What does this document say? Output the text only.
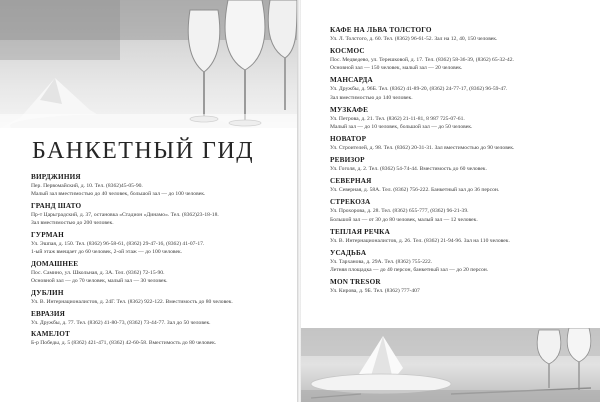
БАНКЕТНЫЙ ГИД
ВИРДЖИНИЯ
Пер. Первомайский, д. 10. Тел. (8362)45-05-90.
Малый зал вместимостью до 40 человек, большой зал — до 100 человек.
ГРАНД ШАТО
Пр-т Царьградский, д. 37, остановка «Стадион «Динамо». Тел. (8362)23-18-18.
Зал вместимостью до 200 человек.
ГУРМАН
Ул. Эшпая, д. 150. Тел. (8362) 96-58-61, (8362) 29-47-16, (8362) 41-07-17.
1-ый этаж вмещает до 60 человек, 2-ой этаж — до 100 человек.
ДОМАШНЕЕ
Пос. Самино, ул. Школьная, д. 3А. Тел. (8362) 72-15-90.
Основной зал — до 70 человек, малый зал — 30 человек.
ДУБЛИН
Ул. В. Интернационалистов, д. 24Г. Тел. (8362) 922-122. Вместимость до 80 человек.
ЕВРАЗИЯ
Ул. Дружбы, д. 77. Тел. (8362) 41-80-73, (8362) 73-44-77. Зал до 50 человек.
КАМЕЛОТ
Б-р Победы, д. 5 (8362) 421-471, (8362) 42-60-58. Вместимость до 80 человек.
КАФЕ НА ЛЬВА ТОЛСТОГО
Ул. Л. Толстого, д. 60. Тел. (8362) 96-61-52. Зал на 12, 40, 150 человек.
КОСМОС
Пос. Медведево, ул. Терешковой, д. 17. Тел. (8362) 58-36-39, (8362) 65-32-42.
Основной зал — 150 человек, малый зал — 20 человек.
МАНСАРДА
Ул. Дружбы, д. 96Б. Тел. (8362) 41-89-20, (8362) 24-77-17, (8362) 96-59-47.
Зал вместимостью до 140 человек.
МУЗКАФЕ
Ул. Петрова, д. 21. Тел. (8362) 21-11-81, 8 987 725-07-61.
Малый зал — до 10 человек, большой зал — до 50 человек.
НОВАТОР
Ул. Строителей, д. 98. Тел. (8362) 20-31-31. Зал вместимостью до 90 человек.
РЕВИЗОР
Ул. Гоголя, д. 2. Тел. (8362) 54-74-44. Вместимость до 60 человек.
СЕВЕРНАЯ
Ул. Северная, д. 58А. Тел. (8362) 756-222. Банкетный зал до 36 персон.
СТРЕКОЗА
Ул. Прохорова, д. 28. Тел. (8362) 655-777, (8362) 96-21-39.
Большой зал — от 30 до 80 человек, малый зал — 12 человек.
ТЕПЛАЯ РЕЧКА
Ул. В. Интернационалистов, д. 26. Тел. (8362) 21-94-96. Зал на 110 человек.
УСАДЬБА
Ул. Тарханова, д. 29А. Тел. (8362) 755-222.
Летняя площадка — до 40 персон, банкетный зал — до 20 персон.
MON TRESOR
Ул. Кирова, д. 9Б. Тел. (8362) 777-407
